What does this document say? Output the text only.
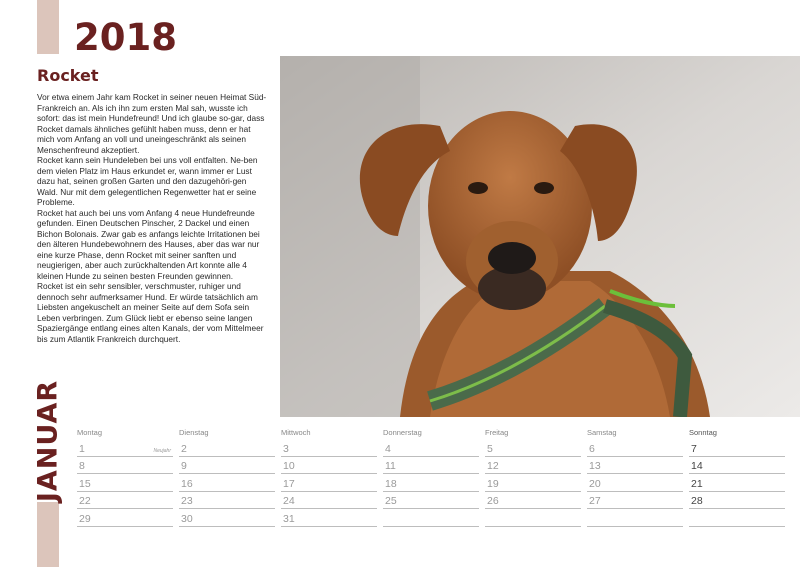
2018
Rocket

Vor etwa einem Jahr kam Rocket in seiner neuen Heimat Süd-Frankreich an. Als ich ihn zum ersten Mal sah, wusste ich sofort: das ist mein Hundefreund! Und ich glaube so-gar, dass Rocket damals ähnliches gefühlt haben muss, denn er hat mich vom Anfang an voll und uneingeschränkt als seinen Menschenfreund akzeptiert.

Rocket kann sein Hundeleben bei uns voll entfalten. Ne-ben dem vielen Platz im Haus erkundet er, wann immer er Lust dazu hat, seinen großen Garten und den dazugehöri-gen Wald. Nur mit dem gelegentlichen Regenwetter hat er seine Probleme.

Rocket hat auch bei uns vom Anfang 4 neue Hundefreunde gefunden. Einen Deutschen Pinscher, 2 Dackel und einen Bichon Bolonais. Zwar gab es anfangs leichte Irritationen bei den älteren Hundebewohnern des Hauses, aber das war nur eine kurze Phase, denn Rocket mit seiner sanften und neugierigen, aber auch zurückhaltenden Art konnte alle 4 kleinen Hunde zu seinen besten Freunden gewinnen.

Rocket ist ein sehr sensibler, verschmuster, ruhiger und dennoch sehr aufmerksamer Hund. Er würde tatsächlich am Liebsten angekuschelt an meiner Seite auf dem Sofa sein Leben verbringen. Zum Glück liebt er ebenso seine langen Spaziergänge entlang eines alten Kanals, der vom Mittelmeer bis zum Atlantik Frankreich durchquert.

JANUAR Montag
1	Neujahr
8
15
22
29
Dienstag
2
9
16
23
30
Mittwoch
3
10
17
24
31
Donnerstag
4
11
18
25
Freitag
5
12
19
26
Samstag
6
13
20
27
Sonntag
7
14
21
28
